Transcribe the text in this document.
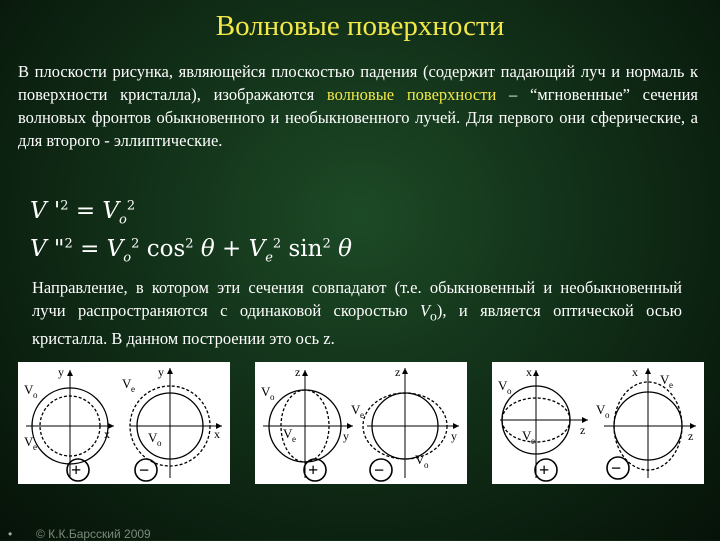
Волновые поверхности

В плоскости рисунка, являющейся плоскостью падения (содержит падающий луч и нормаль к поверхности кристалла), изображаются волновые поверхности – “мгновенные” сечения волновых фронтов обыкновенного и необыкновенного лучей. Для первого они сферические, а для второго - эллиптические.

V '$^2 = V_o^2$
V "$^2 = V_o^2$ $\cos^2 \theta + V_e^2$ $\sin^2 \theta$

Направление, в котором эти сечения совпадают (т.е. обыкновенный и необыкновенный лучи распространяются с одинаковой скоростью $V_o$), и является оптической осью кристалла. В данном построении это ось z.

y
x
V o
V e
+
y
x
V e
V o
−
z
y
V o
V e
+
z
y
V e
V o
−
x
z
V o
V e
+
x
z
V e
V o
−
• © К.К.Барсский 2009
